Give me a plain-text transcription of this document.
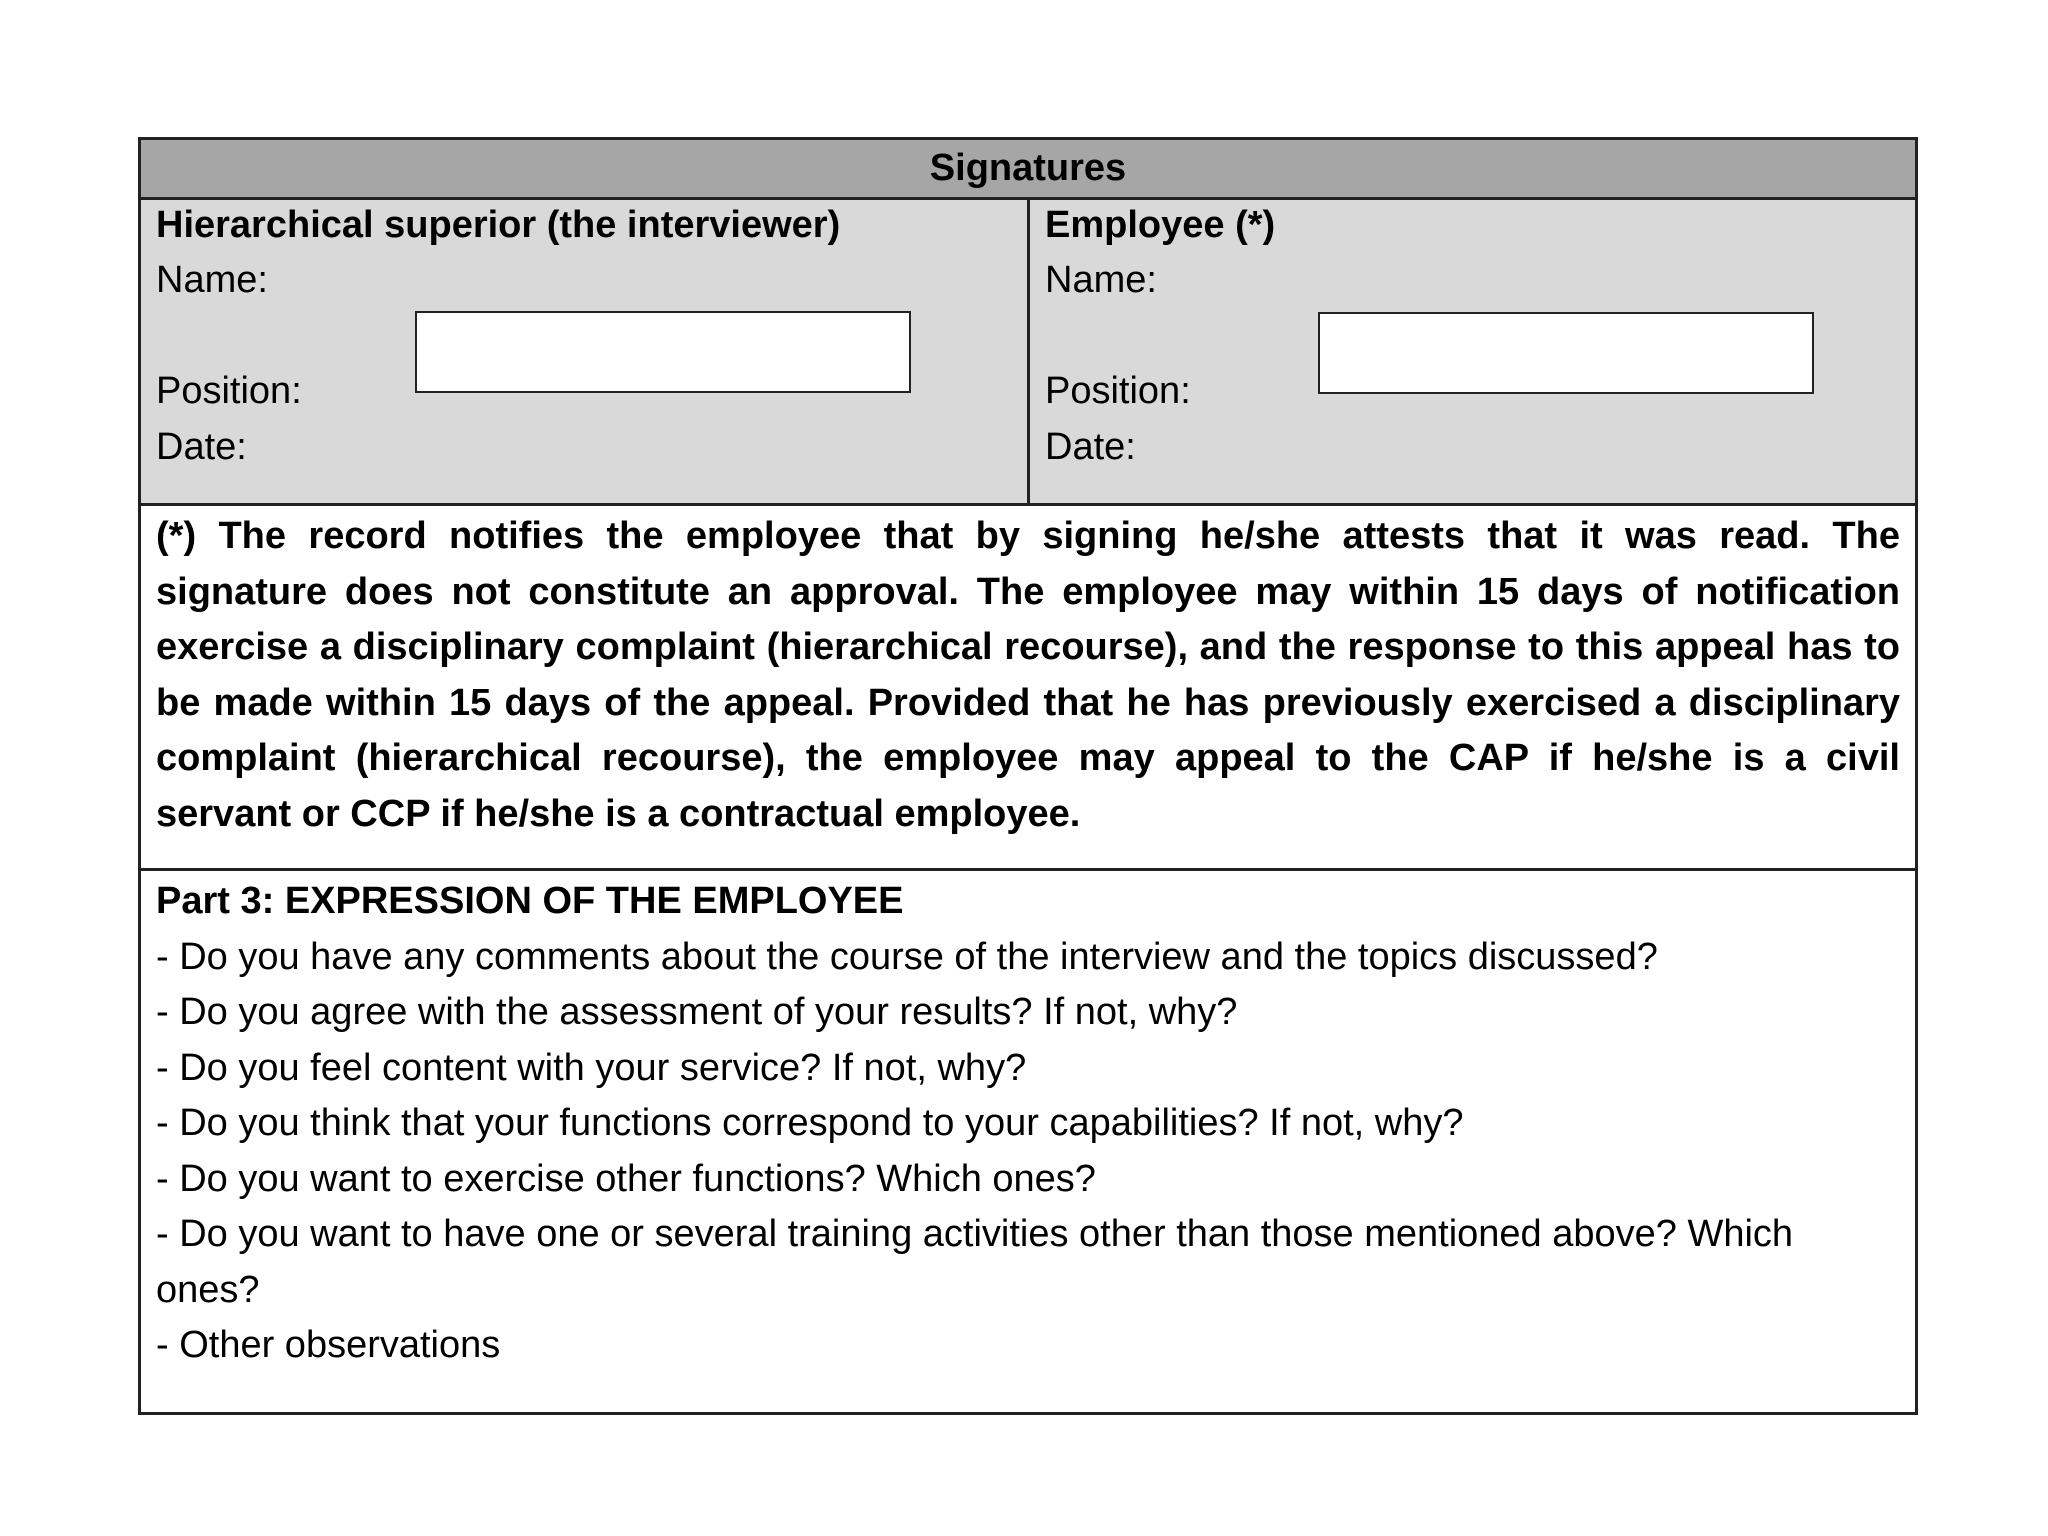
Signatures
Hierarchical superior (the interviewer)
Name:
Position:
Date:
Employee (*)
Name:
Position:
Date:

(*) The record notifies the employee that by signing he/she attests that it was read. The signature does not constitute an approval. The employee may within 15 days of notification exercise a disciplinary complaint (hierarchical recourse), and the response to this appeal has to be made within 15 days of the appeal. Provided that he has previously exercised a disciplinary complaint (hierarchical recourse), the employee may appeal to the CAP if he/she is a civil servant or CCP if he/she is a contractual employee.

Part 3: EXPRESSION OF THE EMPLOYEE

- Do you have any comments about the course of the interview and the topics discussed?

- Do you agree with the assessment of your results? If not, why?

- Do you feel content with your service? If not, why?

- Do you think that your functions correspond to your capabilities? If not, why?

- Do you want to exercise other functions? Which ones?

- Do you want to have one or several training activities other than those mentioned above? Which ones?

- Other observations
